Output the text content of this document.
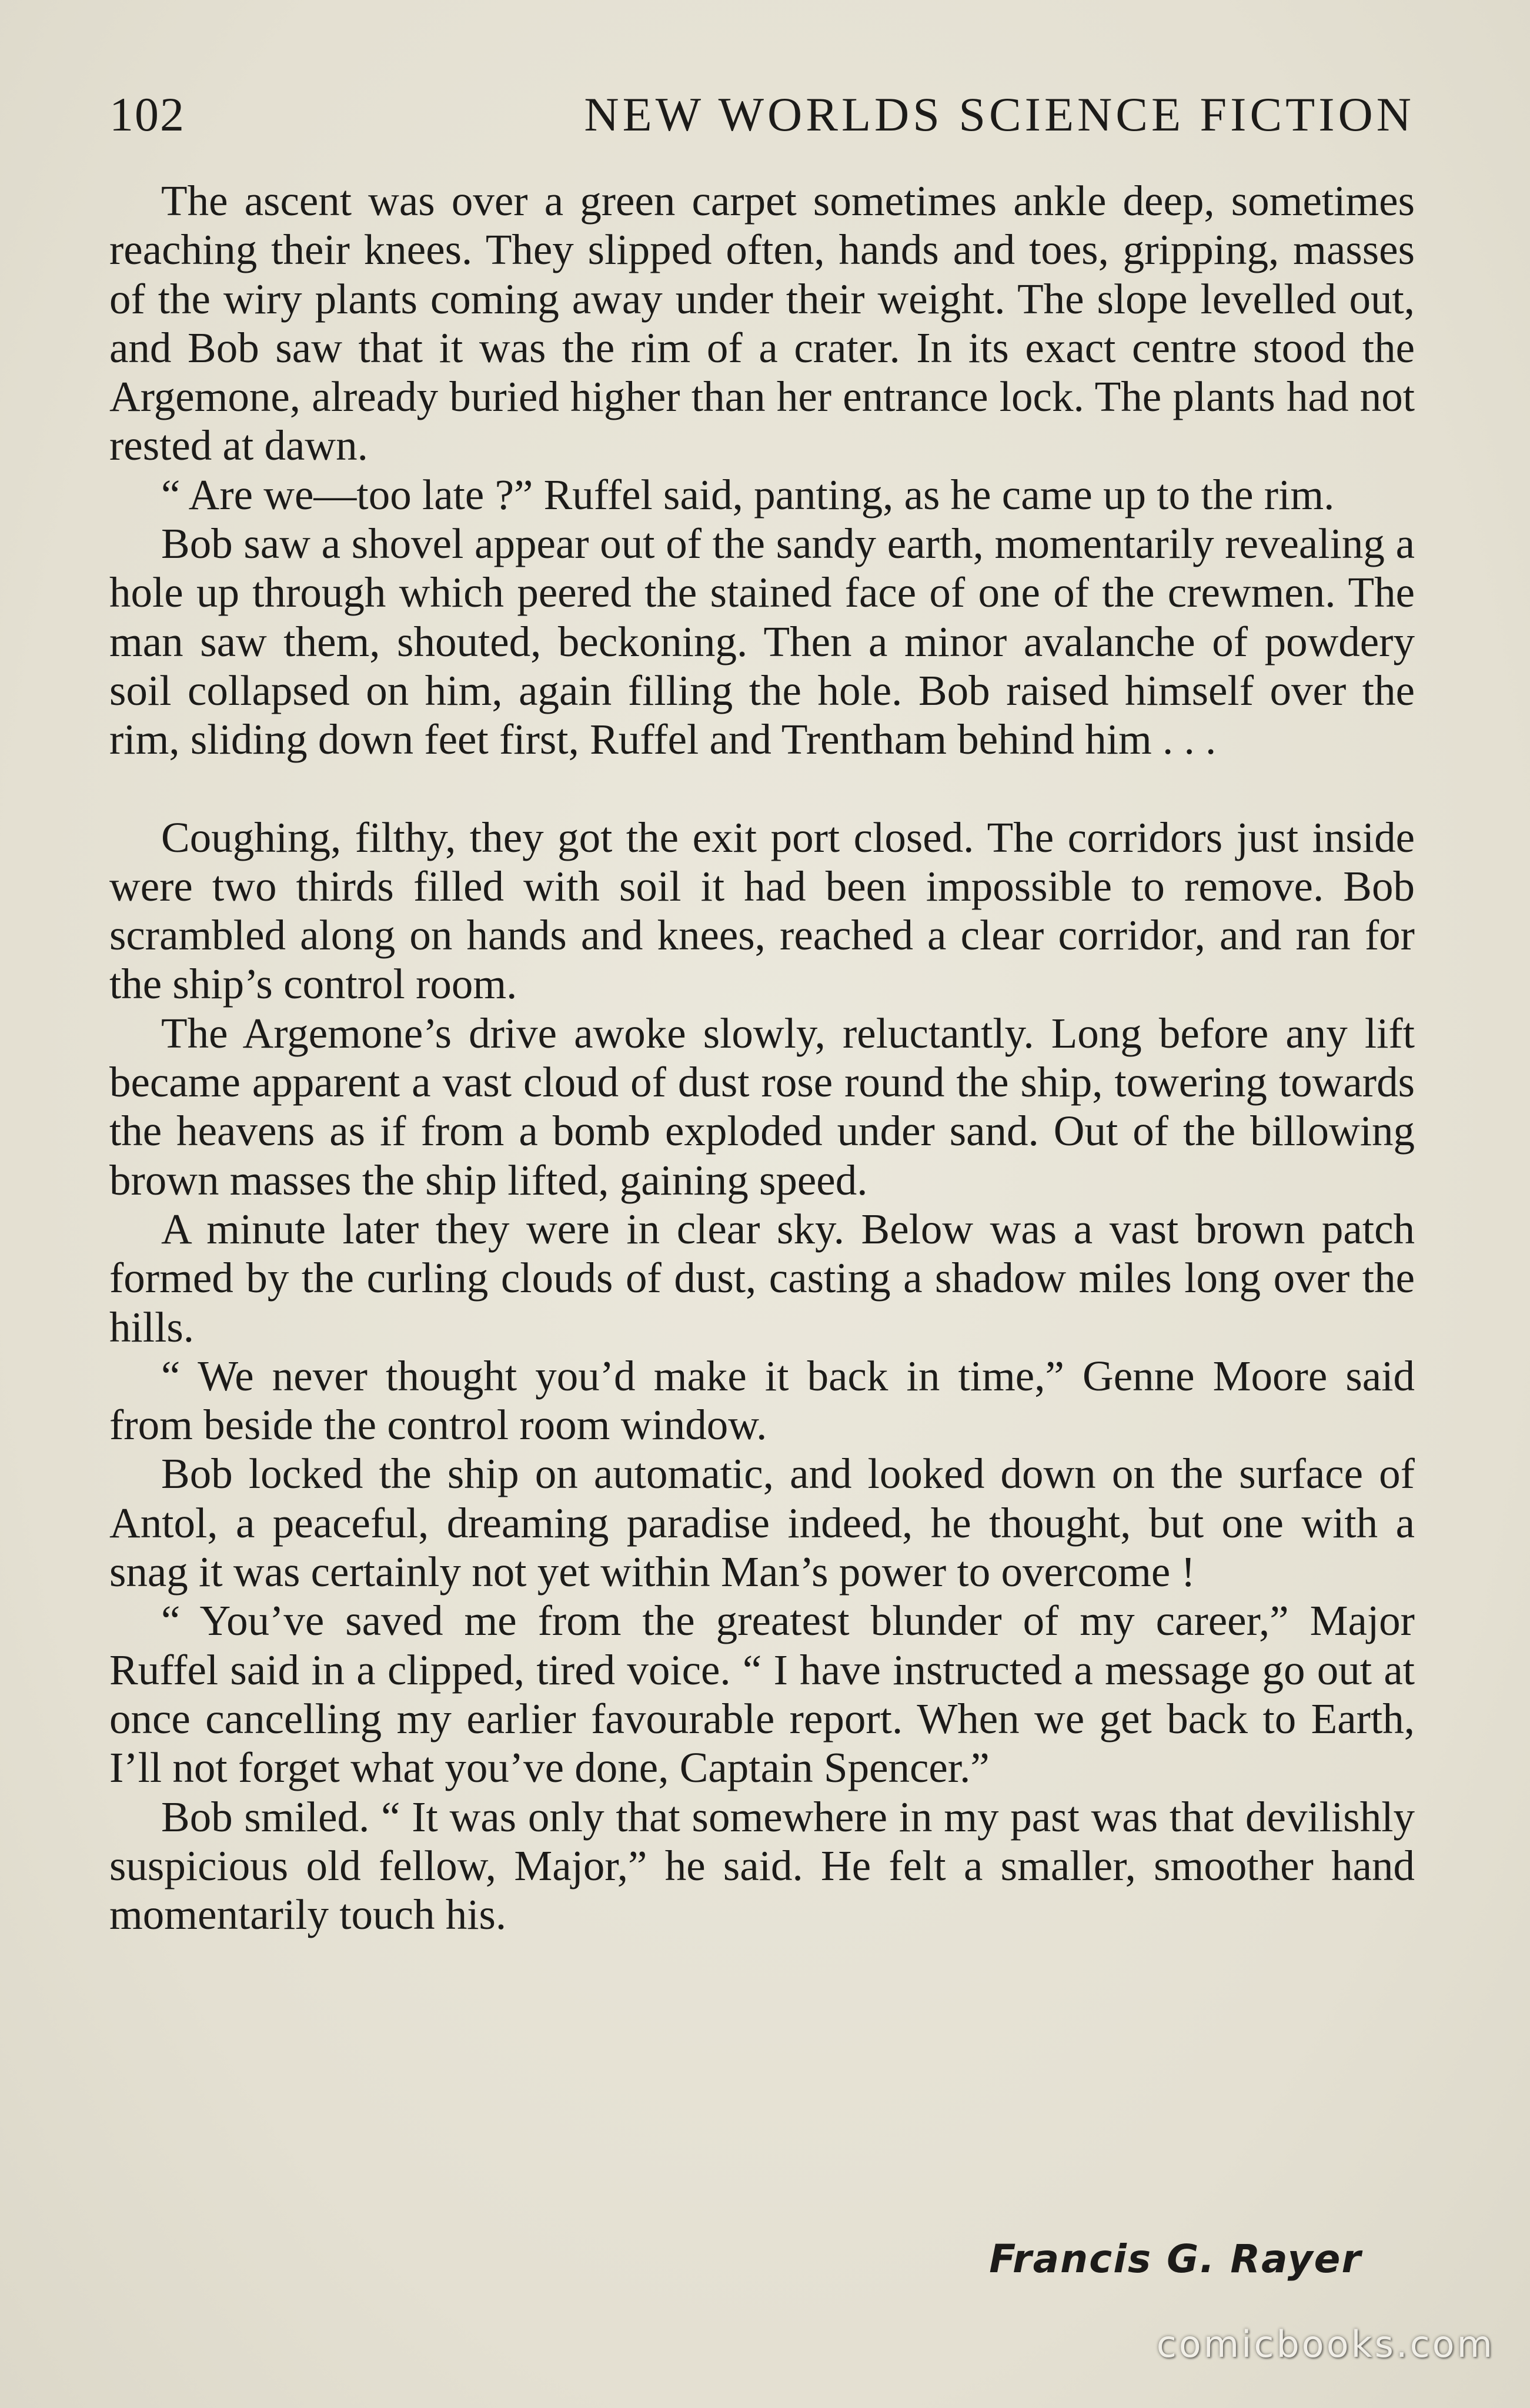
102	NEW WORLDS SCIENCE FICTION

The ascent was over a green carpet sometimes ankle deep, sometimes reaching their knees. They slipped often, hands and toes, gripping, masses of the wiry plants coming away under their weight. The slope levelled out, and Bob saw that it was the rim of a crater. In its exact centre stood the Argemone, already buried higher than her entrance lock. The plants had not rested at dawn.

“ Are we—too late ?” Ruffel said, panting, as he came up to the rim.

Bob saw a shovel appear out of the sandy earth, momentarily revealing a hole up through which peered the stained face of one of the crewmen. The man saw them, shouted, beckoning. Then a minor avalanche of powdery soil collapsed on him, again filling the hole. Bob raised himself over the rim, sliding down feet first, Ruffel and Trentham behind him . . .

Coughing, filthy, they got the exit port closed. The corridors just inside were two thirds filled with soil it had been impossible to remove. Bob scrambled along on hands and knees, reached a clear corridor, and ran for the ship’s control room.

The Argemone’s drive awoke slowly, reluctantly. Long before any lift became apparent a vast cloud of dust rose round the ship, towering towards the heavens as if from a bomb exploded under sand. Out of the billowing brown masses the ship lifted, gaining speed.

A minute later they were in clear sky. Below was a vast brown patch formed by the curling clouds of dust, casting a shadow miles long over the hills.

“ We never thought you’d make it back in time,” Genne Moore said from beside the control room window.

Bob locked the ship on automatic, and looked down on the surface of Antol, a peaceful, dreaming paradise indeed, he thought, but one with a snag it was certainly not yet within Man’s power to overcome !

“ You’ve saved me from the greatest blunder of my career,” Major Ruffel said in a clipped, tired voice. “ I have instructed a message go out at once cancelling my earlier favourable report. When we get back to Earth, I’ll not forget what you’ve done, Captain Spencer.”

Bob smiled. “ It was only that somewhere in my past was that devilishly suspicious old fellow, Major,” he said. He felt a smaller, smoother hand momentarily touch his.

Francis G. Rayer
comicbooks.com
